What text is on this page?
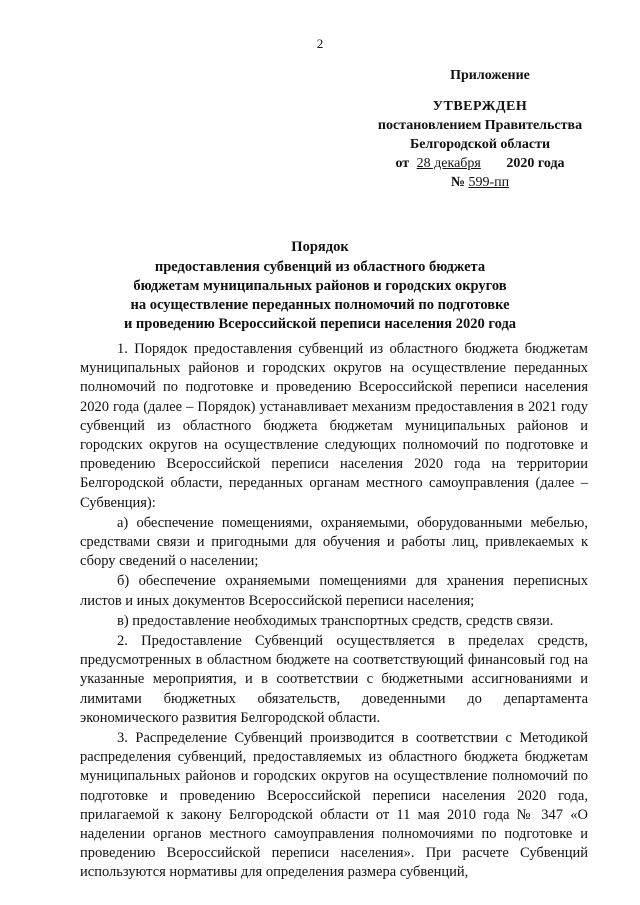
2
Приложение
УТВЕРЖДЕН
постановлением Правительства
Белгородской области
от 28 декабря 2020 года
№ 599-пп
Порядок
предоставления субвенций из областного бюджета
бюджетам муниципальных районов и городских округов
на осуществление переданных полномочий по подготовке
и проведению Всероссийской переписи населения 2020 года

1. Порядок предоставления субвенций из областного бюджета бюджетам муниципальных районов и городских округов на осуществление переданных полномочий по подготовке и проведению Всероссийской переписи населения 2020 года (далее – Порядок) устанавливает механизм предоставления в 2021 году субвенций из областного бюджета бюджетам муниципальных районов и городских округов на осуществление следующих полномочий по подготовке и проведению Всероссийской переписи населения 2020 года на территории Белгородской области, переданных органам местного самоуправления (далее – Субвенция):

а) обеспечение помещениями, охраняемыми, оборудованными мебелью, средствами связи и пригодными для обучения и работы лиц, привлекаемых к сбору сведений о населении;

б) обеспечение охраняемыми помещениями для хранения переписных листов и иных документов Всероссийской переписи населения;

в) предоставление необходимых транспортных средств, средств связи.

2. Предоставление Субвенций осуществляется в пределах средств, предусмотренных в областном бюджете на соответствующий финансовый год на указанные мероприятия, и в соответствии с бюджетными ассигнованиями и лимитами бюджетных обязательств, доведенными до департамента экономического развития Белгородской области.

3. Распределение Субвенций производится в соответствии с Методикой распределения субвенций, предоставляемых из областного бюджета бюджетам муниципальных районов и городских округов на осуществление полномочий по подготовке и проведению Всероссийской переписи населения 2020 года, прилагаемой к закону Белгородской области от 11 мая 2010 года № 347 «О наделении органов местного самоуправления полномочиями по подготовке и проведению Всероссийской переписи населения». При расчете Субвенций используются нормативы для определения размера субвенций,
